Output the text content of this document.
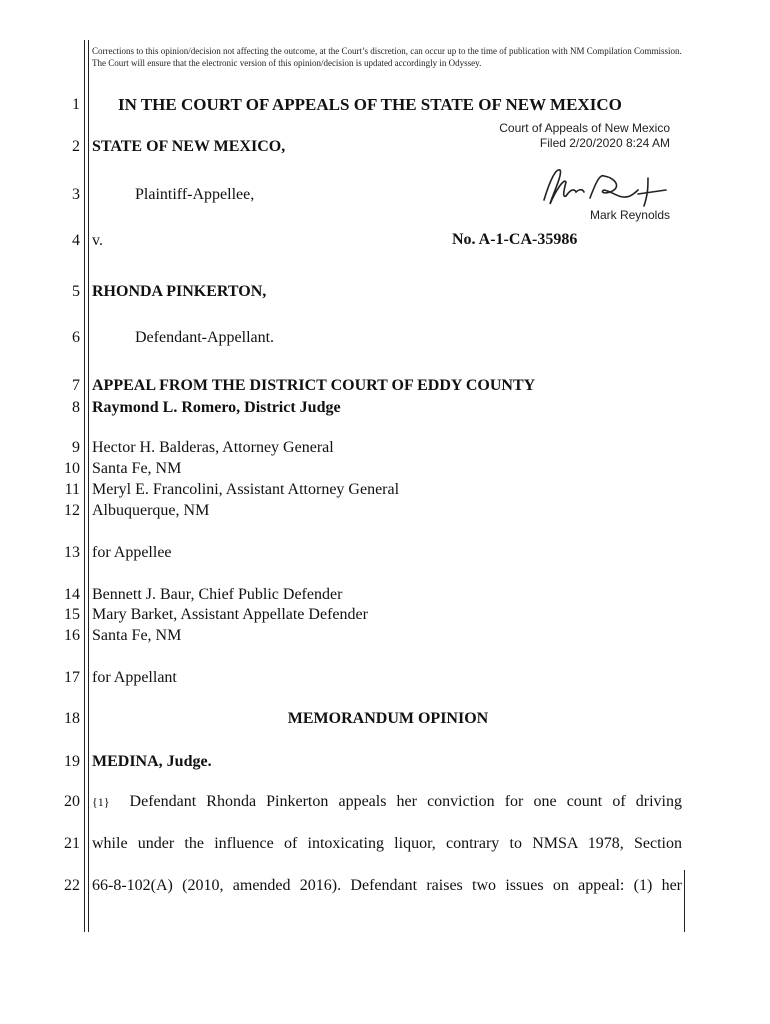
Corrections to this opinion/decision not affecting the outcome, at the Court’s discretion, can occur up to the time of publication with NM Compilation Commission. The Court will ensure that the electronic version of this opinion/decision is updated accordingly in Odyssey.
1
2
3
4
5
6
7
8
9
10
11
12
13
14
15
16
17
18
19
20
21
22
IN THE COURT OF APPEALS OF THE STATE OF NEW MEXICO
Court of Appeals of New Mexico
Filed 2/20/2020 8:24 AM
STATE OF NEW MEXICO,
Plaintiff-Appellee,
Mark Reynolds
v.	No. A-1-CA-35986
RHONDA PINKERTON,
Defendant-Appellant.
APPEAL FROM THE DISTRICT COURT OF EDDY COUNTY
Raymond L. Romero, District Judge
Hector H. Balderas, Attorney General
Santa Fe, NM
Meryl E. Francolini, Assistant Attorney General
Albuquerque, NM
for Appellee
Bennett J. Baur, Chief Public Defender
Mary Barket, Assistant Appellate Defender
Santa Fe, NM
for Appellant
MEMORANDUM OPINION
MEDINA, Judge.
{1} Defendant Rhonda Pinkerton appeals her conviction for one count of driving
while under the influence of intoxicating liquor, contrary to NMSA 1978, Section
66-8-102(A) (2010, amended 2016). Defendant raises two issues on appeal: (1) her
